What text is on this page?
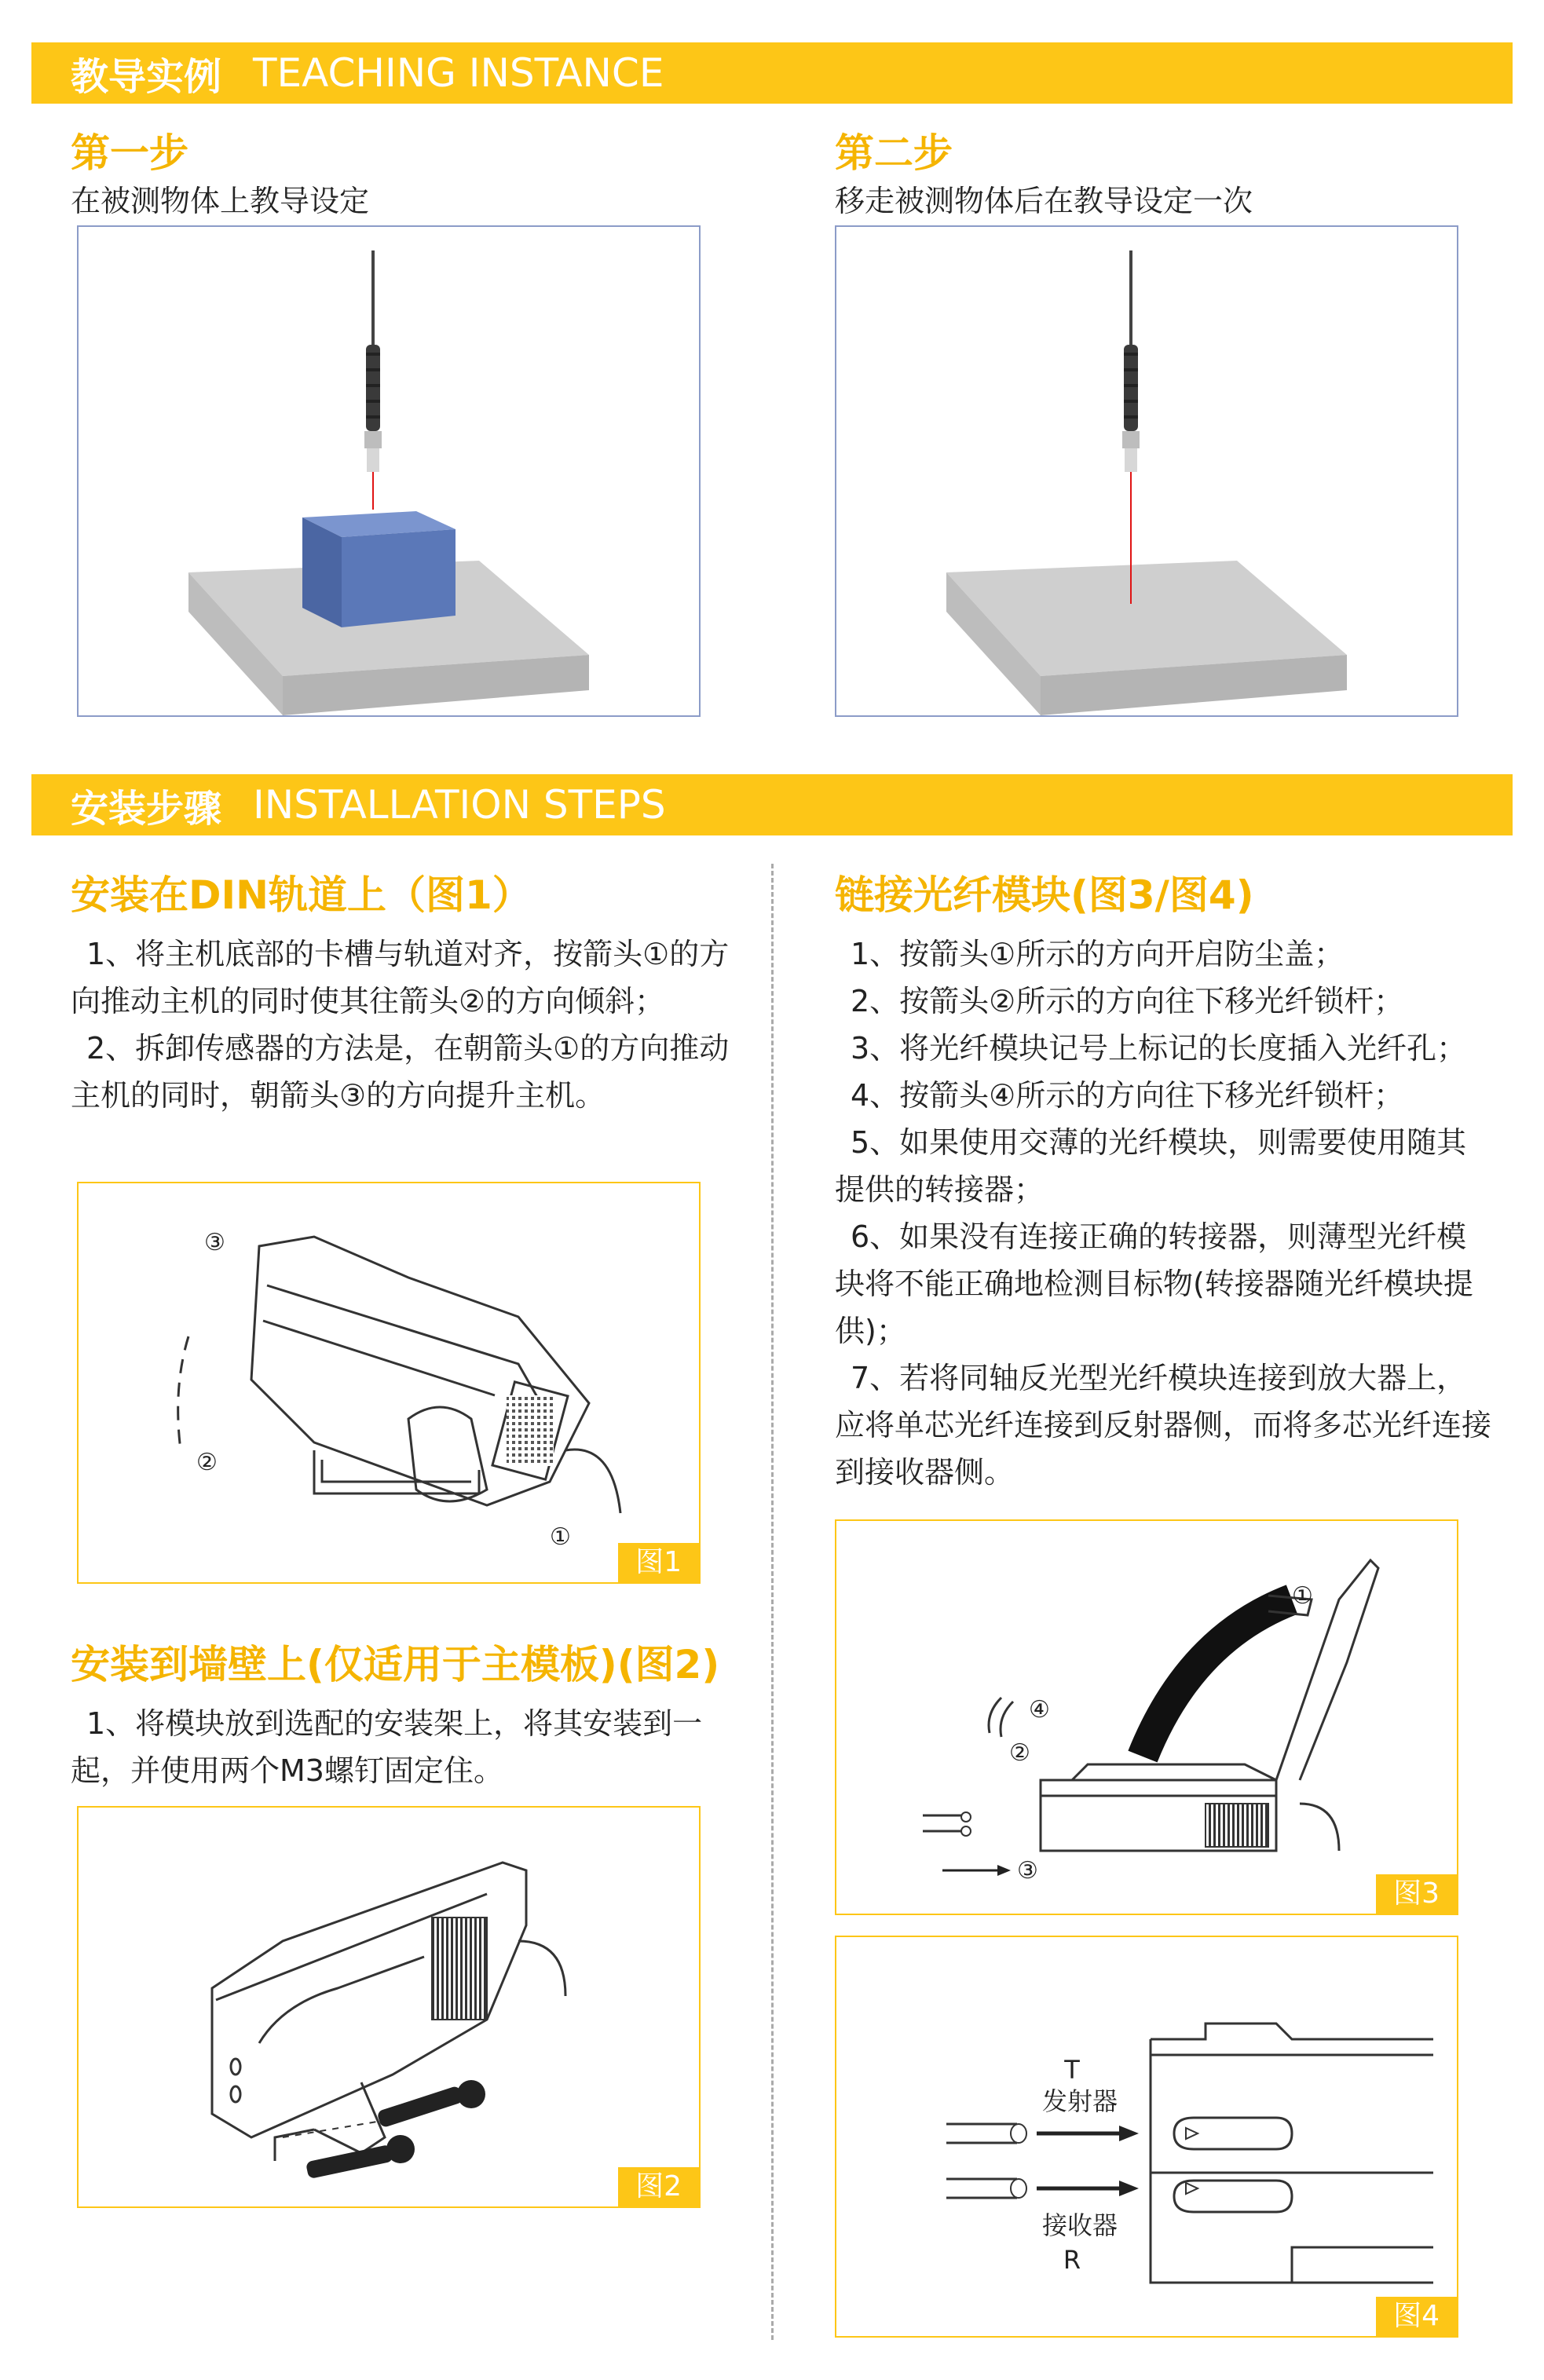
教导实例 TEACHING INSTANCE
第一步
在被测物体上教导设定
第二步
移走被测物体后在教导设定一次
安装步骤 INSTALLATION STEPS
安装在DIN轨道上（图1）

1、将主机底部的卡槽与轨道对齐，按箭头①的方向推动主机的同时使其往箭头②的方向倾斜；

2、拆卸传感器的方法是，在朝箭头①的方向推动主机的同时，朝箭头③的方向提升主机。

③
②
①
图1
安装到墙壁上(仅适用于主模板)(图2)

1、将模块放到选配的安装架上，将其安装到一起，并使用两个M3螺钉固定住。

图2
链接光纤模块(图3/图4)

1、按箭头①所示的方向开启防尘盖；

2、按箭头②所示的方向往下移光纤锁杆；

3、将光纤模块记号上标记的长度插入光纤孔；

4、按箭头④所示的方向往下移光纤锁杆；

5、如果使用交薄的光纤模块，则需要使用随其提供的转接器；

6、如果没有连接正确的转接器，则薄型光纤模块将不能正确地检测目标物(转接器随光纤模块提供)；

7、若将同轴反光型光纤模块连接到放大器上，应将单芯光纤连接到反射器侧，而将多芯光纤连接到接收器侧。

①
④
②
③
图3
T
发射器
接收器
R
图4
